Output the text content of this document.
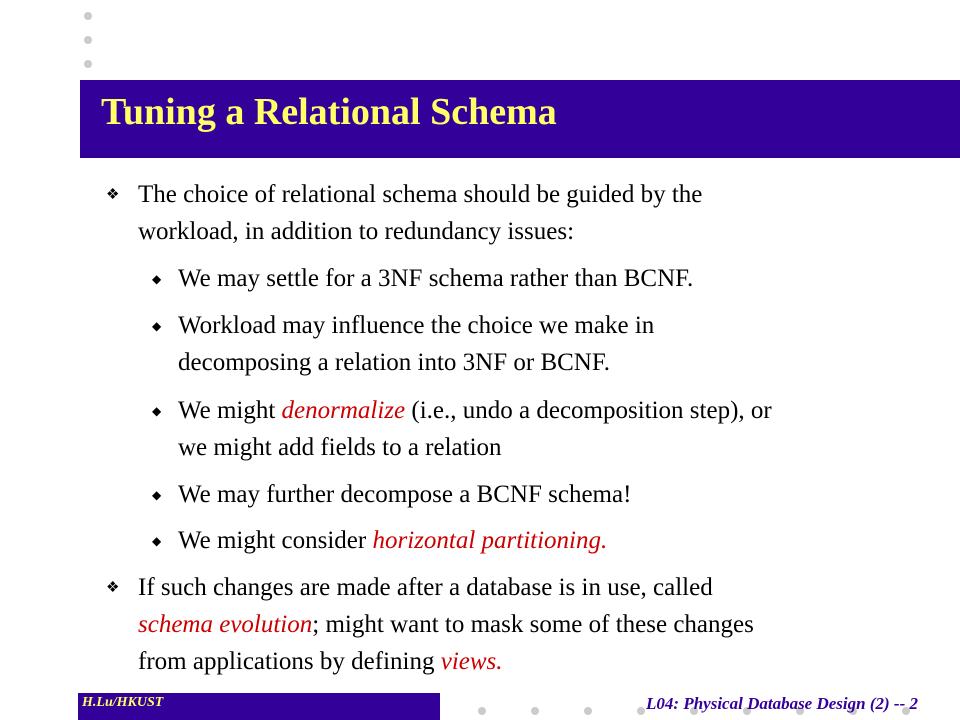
Tuning a Relational Schema
❖ The choice of relational schema should be guided by the
workload, in addition to redundancy issues:
◆ We may settle for a 3NF schema rather than BCNF.
◆ Workload may influence the choice we make in
decomposing a relation into 3NF or BCNF.
◆ We might denormalize (i.e., undo a decomposition step), or
we might add fields to a relation
◆ We may further decompose a BCNF schema!
◆ We might consider horizontal partitioning.
❖ If such changes are made after a database is in use, called
schema evolution; might want to mask some of these changes
from applications by defining views.
H.Lu/HKUST	L04: Physical Database Design (2) -- 2
